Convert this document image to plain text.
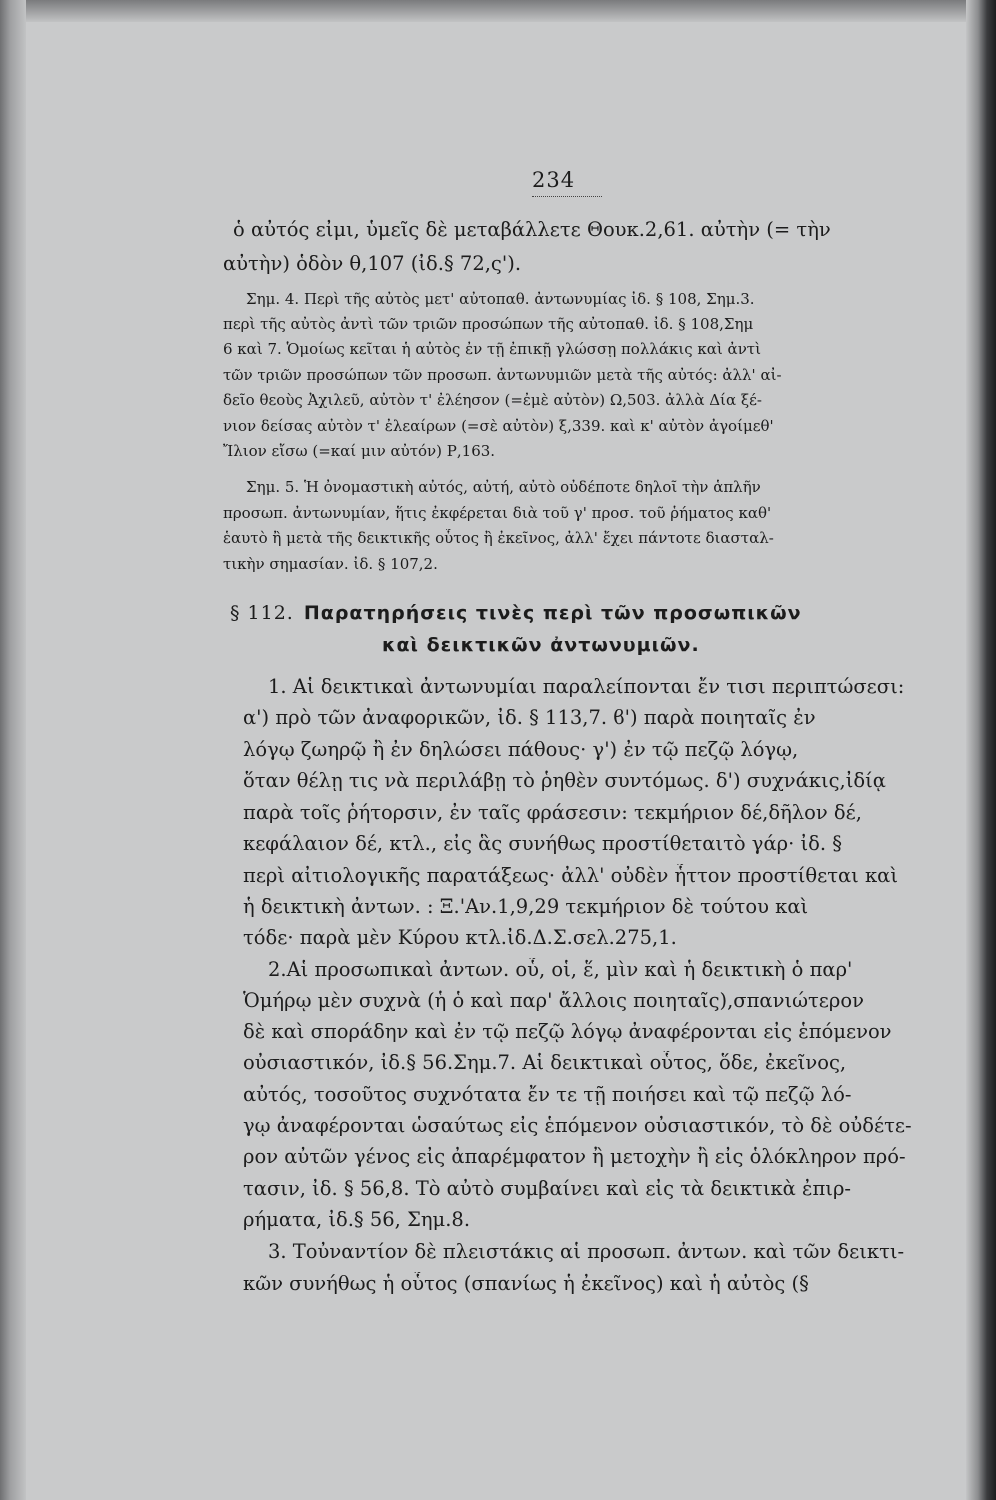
234
ὁ αὐτός εἰμι, ὑμεῖς δὲ μεταβάλλετε Θουκ.2,61. αὐτὴν (= τὴν
αὐτὴν) ὁδὸν θ,107 (ἰδ.§ 72,ς').
Σημ. 4. Περὶ τῆς αὐτὸς μετ' αὐτοπαθ. ἀντωνυμίας ἰδ. § 108, Σημ.3.
περὶ τῆς αὐτὸς ἀντὶ τῶν τριῶν προσώπων τῆς αὐτοπαθ. ἰδ. § 108,Σημ
6 καὶ 7. Ὁμοίως κεῖται ἡ αὐτὸς ἐν τῇ ἐπικῇ γλώσσῃ πολλάκις καὶ ἀντὶ
τῶν τριῶν προσώπων τῶν προσωπ. ἀντωνυμιῶν μετὰ τῆς αὐτός: ἀλλ' αἰ-
δεῖο θεοὺς Ἀχιλεῦ, αὐτὸν τ' ἐλέησον (=ἐμὲ αὐτὸν) Ω,503. ἀλλὰ Δία ξέ-
νιον δείσας αὐτὸν τ' ἐλεαίρων (=σὲ αὐτὸν) ξ,339. καὶ κ' αὐτὸν ἀγοίμεθ'
Ἴλιον εἴσω (=καί μιν αὐτόν) Ρ,163.
Σημ. 5. Ἡ ὀνομαστικὴ αὐτός, αὐτή, αὐτὸ οὐδέποτε δηλοῖ τὴν ἁπλῆν
προσωπ. ἀντωνυμίαν, ἥτις ἐκφέρεται διὰ τοῦ γ' προσ. τοῦ ῥήματος καθ'
ἑαυτὸ ἢ μετὰ τῆς δεικτικῆς οὗτος ἢ ἐκεῖνος, ἀλλ' ἔχει πάντοτε διασταλ-
τικὴν σημασίαν. ἰδ. § 107,2.
§ 112. Παρατηρήσεις τινὲς περὶ τῶν προσωπικῶν
καὶ δεικτικῶν ἀντωνυμιῶν.
1. Αἱ δεικτικαὶ ἀντωνυμίαι παραλείπονται ἔν τισι περιπτώσεσι:
α') πρὸ τῶν ἀναφορικῶν, ἰδ. § 113,7. ϐ') παρὰ ποιηταῖς ἐν
λόγῳ ζωηρῷ ἢ ἐν δηλώσει πάθους· γ') ἐν τῷ πεζῷ λόγῳ,
ὅταν θέλῃ τις νὰ περιλάβῃ τὸ ῥηθὲν συντόμως. δ') συχνάκις,ἰδίᾳ
παρὰ τοῖς ῥήτορσιν, ἐν ταῖς φράσεσιν: τεκμήριον δέ,δῆλον δέ,
κεφάλαιον δέ, κτλ., εἰς ἃς συνήθως προστίθεταιτὸ γάρ· ἰδ. §
περὶ αἰτιολογικῆς παρατάξεως· ἀλλ' οὐδὲν ἧττον προστίθεται καὶ
ἡ δεικτικὴ ἀντων. : Ξ.'Αν.1,9,29 τεκμήριον δὲ τούτου καὶ
τόδε· παρὰ μὲν Κύρου κτλ.ἰδ.Δ.Σ.σελ.275,1.
2.Αἱ προσωπικαὶ ἀντων. οὗ, οἱ, ἕ, μὶν καὶ ἡ δεικτικὴ ὁ παρ'
Ὁμήρῳ μὲν συχνὰ (ἡ ὁ καὶ παρ' ἄλλοις ποιηταῖς),σπανιώτερον
δὲ καὶ σποράδην καὶ ἐν τῷ πεζῷ λόγῳ ἀναφέρονται εἰς ἑπόμενον
οὐσιαστικόν, ἰδ.§ 56.Σημ.7. Αἱ δεικτικαὶ οὗτος, ὅδε, ἐκεῖνος,
αὐτός, τοσοῦτος συχνότατα ἔν τε τῇ ποιήσει καὶ τῷ πεζῷ λό-
γῳ ἀναφέρονται ὡσαύτως εἰς ἑπόμενον οὐσιαστικόν, τὸ δὲ οὐδέτε-
ρον αὐτῶν γένος εἰς ἀπαρέμφατον ἢ μετοχὴν ἢ εἰς ὁλόκληρον πρό-
τασιν, ἰδ. § 56,8. Τὸ αὐτὸ συμβαίνει καὶ εἰς τὰ δεικτικὰ ἐπιρ-
ρήματα, ἰδ.§ 56, Σημ.8.
3. Τοὐναντίον δὲ πλειστάκις αἱ προσωπ. ἀντων. καὶ τῶν δεικτι-
κῶν συνήθως ἡ οὗτος (σπανίως ἡ ἐκεῖνος) καὶ ἡ αὐτὸς (§
